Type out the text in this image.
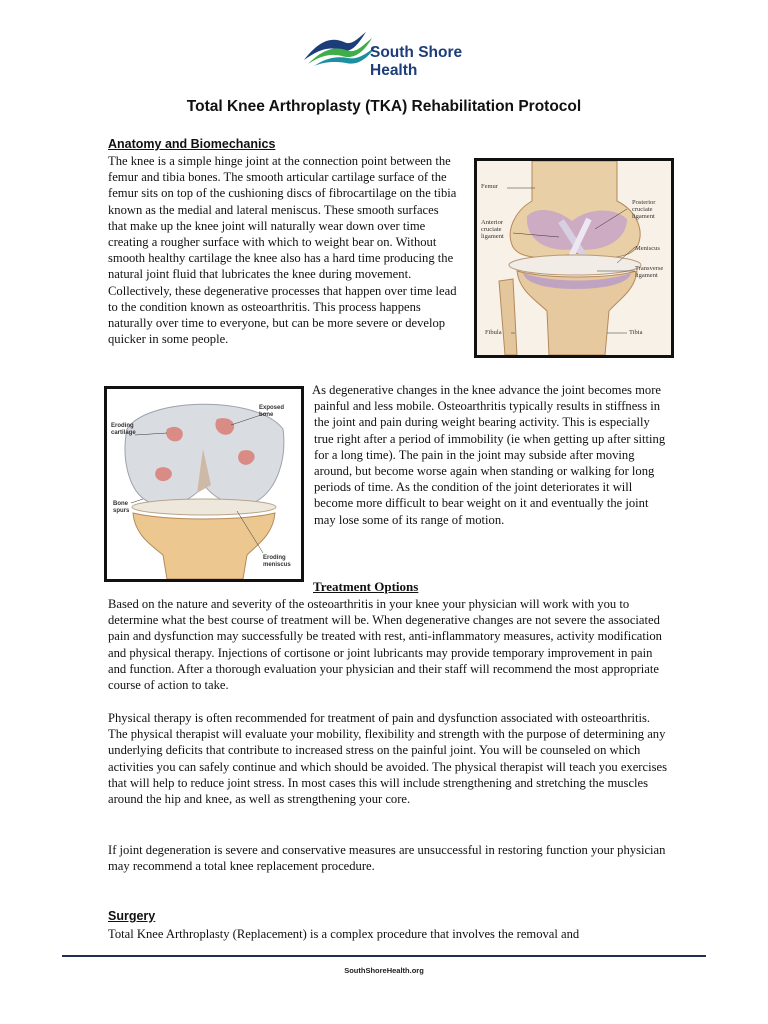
South Shore
Health
Total Knee Arthroplasty (TKA) Rehabilitation Protocol
Anatomy and Biomechanics

The knee is a simple hinge joint at the connection point between the femur and tibia bones. The smooth articular cartilage surface of the femur sits on top of the cushioning discs of fibrocartilage on the tibia known as the medial and lateral meniscus. These smooth surfaces that make up the knee joint will naturally wear down over time creating a rougher surface with which to weight bear on. Without smooth healthy cartilage the knee also has a hard time producing the natural joint fluid that lubricates the knee during movement. Collectively, these degenerative processes that happen over time lead to the condition known as osteoarthritis. This process happens naturally over time to everyone, but can be more severe or develop quicker in some people.

Femur
Posterior cruciate ligament
Anterior cruciate ligament
Meniscus
Transverse ligament
Fibula	Tibia
Exposed bone
Eroding cartilage
Bone spurs
Eroding meniscus

As degenerative changes in the knee advance the joint becomes more painful and less mobile. Osteoarthritis typically results in stiffness in the joint and pain during weight bearing activity. This is especially true right after a period of immobility (ie when getting up after sitting for a long time). The pain in the joint may subside after moving around, but become worse again when standing or walking for long periods of time. As the condition of the joint deteriorates it will become more difficult to bear weight on it and eventually the joint may lose some of its range of motion.

Treatment Options

Based on the nature and severity of the osteoarthritis in your knee your physician will work with you to determine what the best course of treatment will be. When degenerative changes are not severe the associated pain and dysfunction may successfully be treated with rest, anti-inflammatory measures, activity modification and physical therapy. Injections of cortisone or joint lubricants may provide temporary improvement in pain and function. After a thorough evaluation your physician and their staff will recommend the most appropriate course of action to take.

Physical therapy is often recommended for treatment of pain and dysfunction associated with osteoarthritis. The physical therapist will evaluate your mobility, flexibility and strength with the purpose of determining any underlying deficits that contribute to increased stress on the painful joint. You will be counseled on which activities you can safely continue and which should be avoided. The physical therapist will teach you exercises that will help to reduce joint stress. In most cases this will include strengthening and stretching the muscles around the hip and knee, as well as strengthening your core.

If joint degeneration is severe and conservative measures are unsuccessful in restoring function your physician may recommend a total knee replacement procedure.

Surgery

Total Knee Arthroplasty (Replacement) is a complex procedure that involves the removal and

SouthShoreHealth.org
